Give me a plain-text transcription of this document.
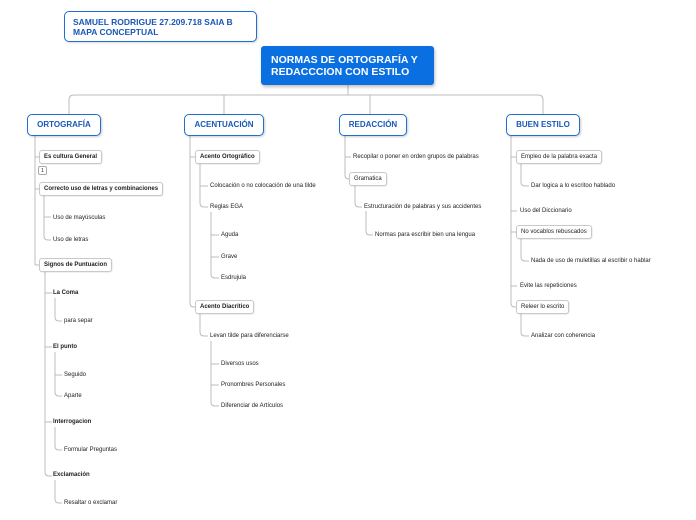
SAMUEL RODRIGUE 27.209.718 SAIA B MAPA CONCEPTUAL
NORMAS DE ORTOGRAFÍA Y REDACCCION CON ESTILO
ORTOGRAFÍA	ACENTUACIÓN	REDACCIÓN	BUEN ESTILO
Es cultura General
1
Correcto uso de letras y combinaciones
Uso de mayúsculas
Uso de letras
Signos de Puntuacion
La Coma
para separ
El punto
Seguido
Aparte
Interrogacion
Formular Preguntas
Exclamación
Resaltar o exclamar
Acento Ortográfico
Colocación o no colocación de una tilde
Reglas EGA
Aguda
Grave
Esdrujula
Acento Diacritico
Levan tilde para diferenciarse
Diversos usos
Pronombres Personales
Diferenciar de Artículos
Recopilar o poner en orden grupos de palabras
Gramatica
Estructuración de palabras y sus accidentes
Normas para escribir bien una lengua
Empleo de la palabra exacta
Dar logica a lo escritoo hablado
Uso del Diccionario
No vocablos rebuscados
Nada de uso de muletillas al escribir o hablar
Evite las repeticiones
Releer lo escrito
Analizar con coherencia
